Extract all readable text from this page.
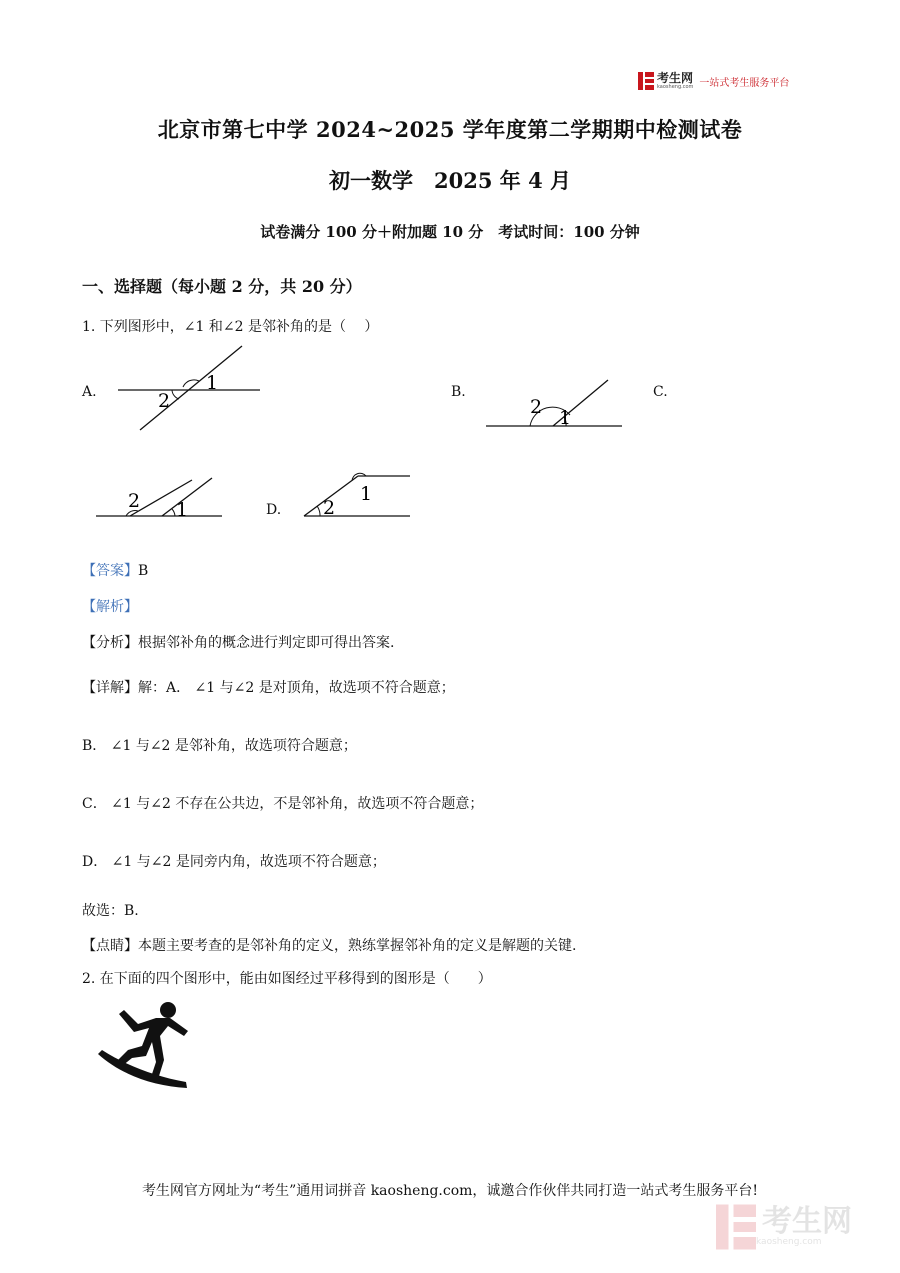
考生网
kaosheng.com 一站式考生服务平台
北京市第七中学 2024~2025 学年度第二学期期中检测试卷
初一数学　2025 年 4 月
试卷满分 100 分＋附加题 10 分　考试时间：100 分钟
一、选择题（每小题 2 分，共 20 分）
1. 下列图形中，∠1 和∠2 是邻补角的是（　 ）
A.	B.	C.
D.
1
2	2 1
2 1	2
1
【答案】B
【解析】
【分析】根据邻补角的概念进行判定即可得出答案.
【详解】解：A． ∠1 与∠2 是对顶角，故选项不符合题意；
B． ∠1 与∠2 是邻补角，故选项符合题意；
C． ∠1 与∠2 不存在公共边，不是邻补角，故选项不符合题意；
D． ∠1 与∠2 是同旁内角，故选项不符合题意；
故选：B.
【点睛】本题主要考查的是邻补角的定义，熟练掌握邻补角的定义是解题的关键.
2. 在下面的四个图形中，能由如图经过平移得到的图形是（　　）
考生网官方网址为“考生”通用词拼音 kaosheng.com，诚邀合作伙伴共同打造一站式考生服务平台!
考生网
kaosheng.com
